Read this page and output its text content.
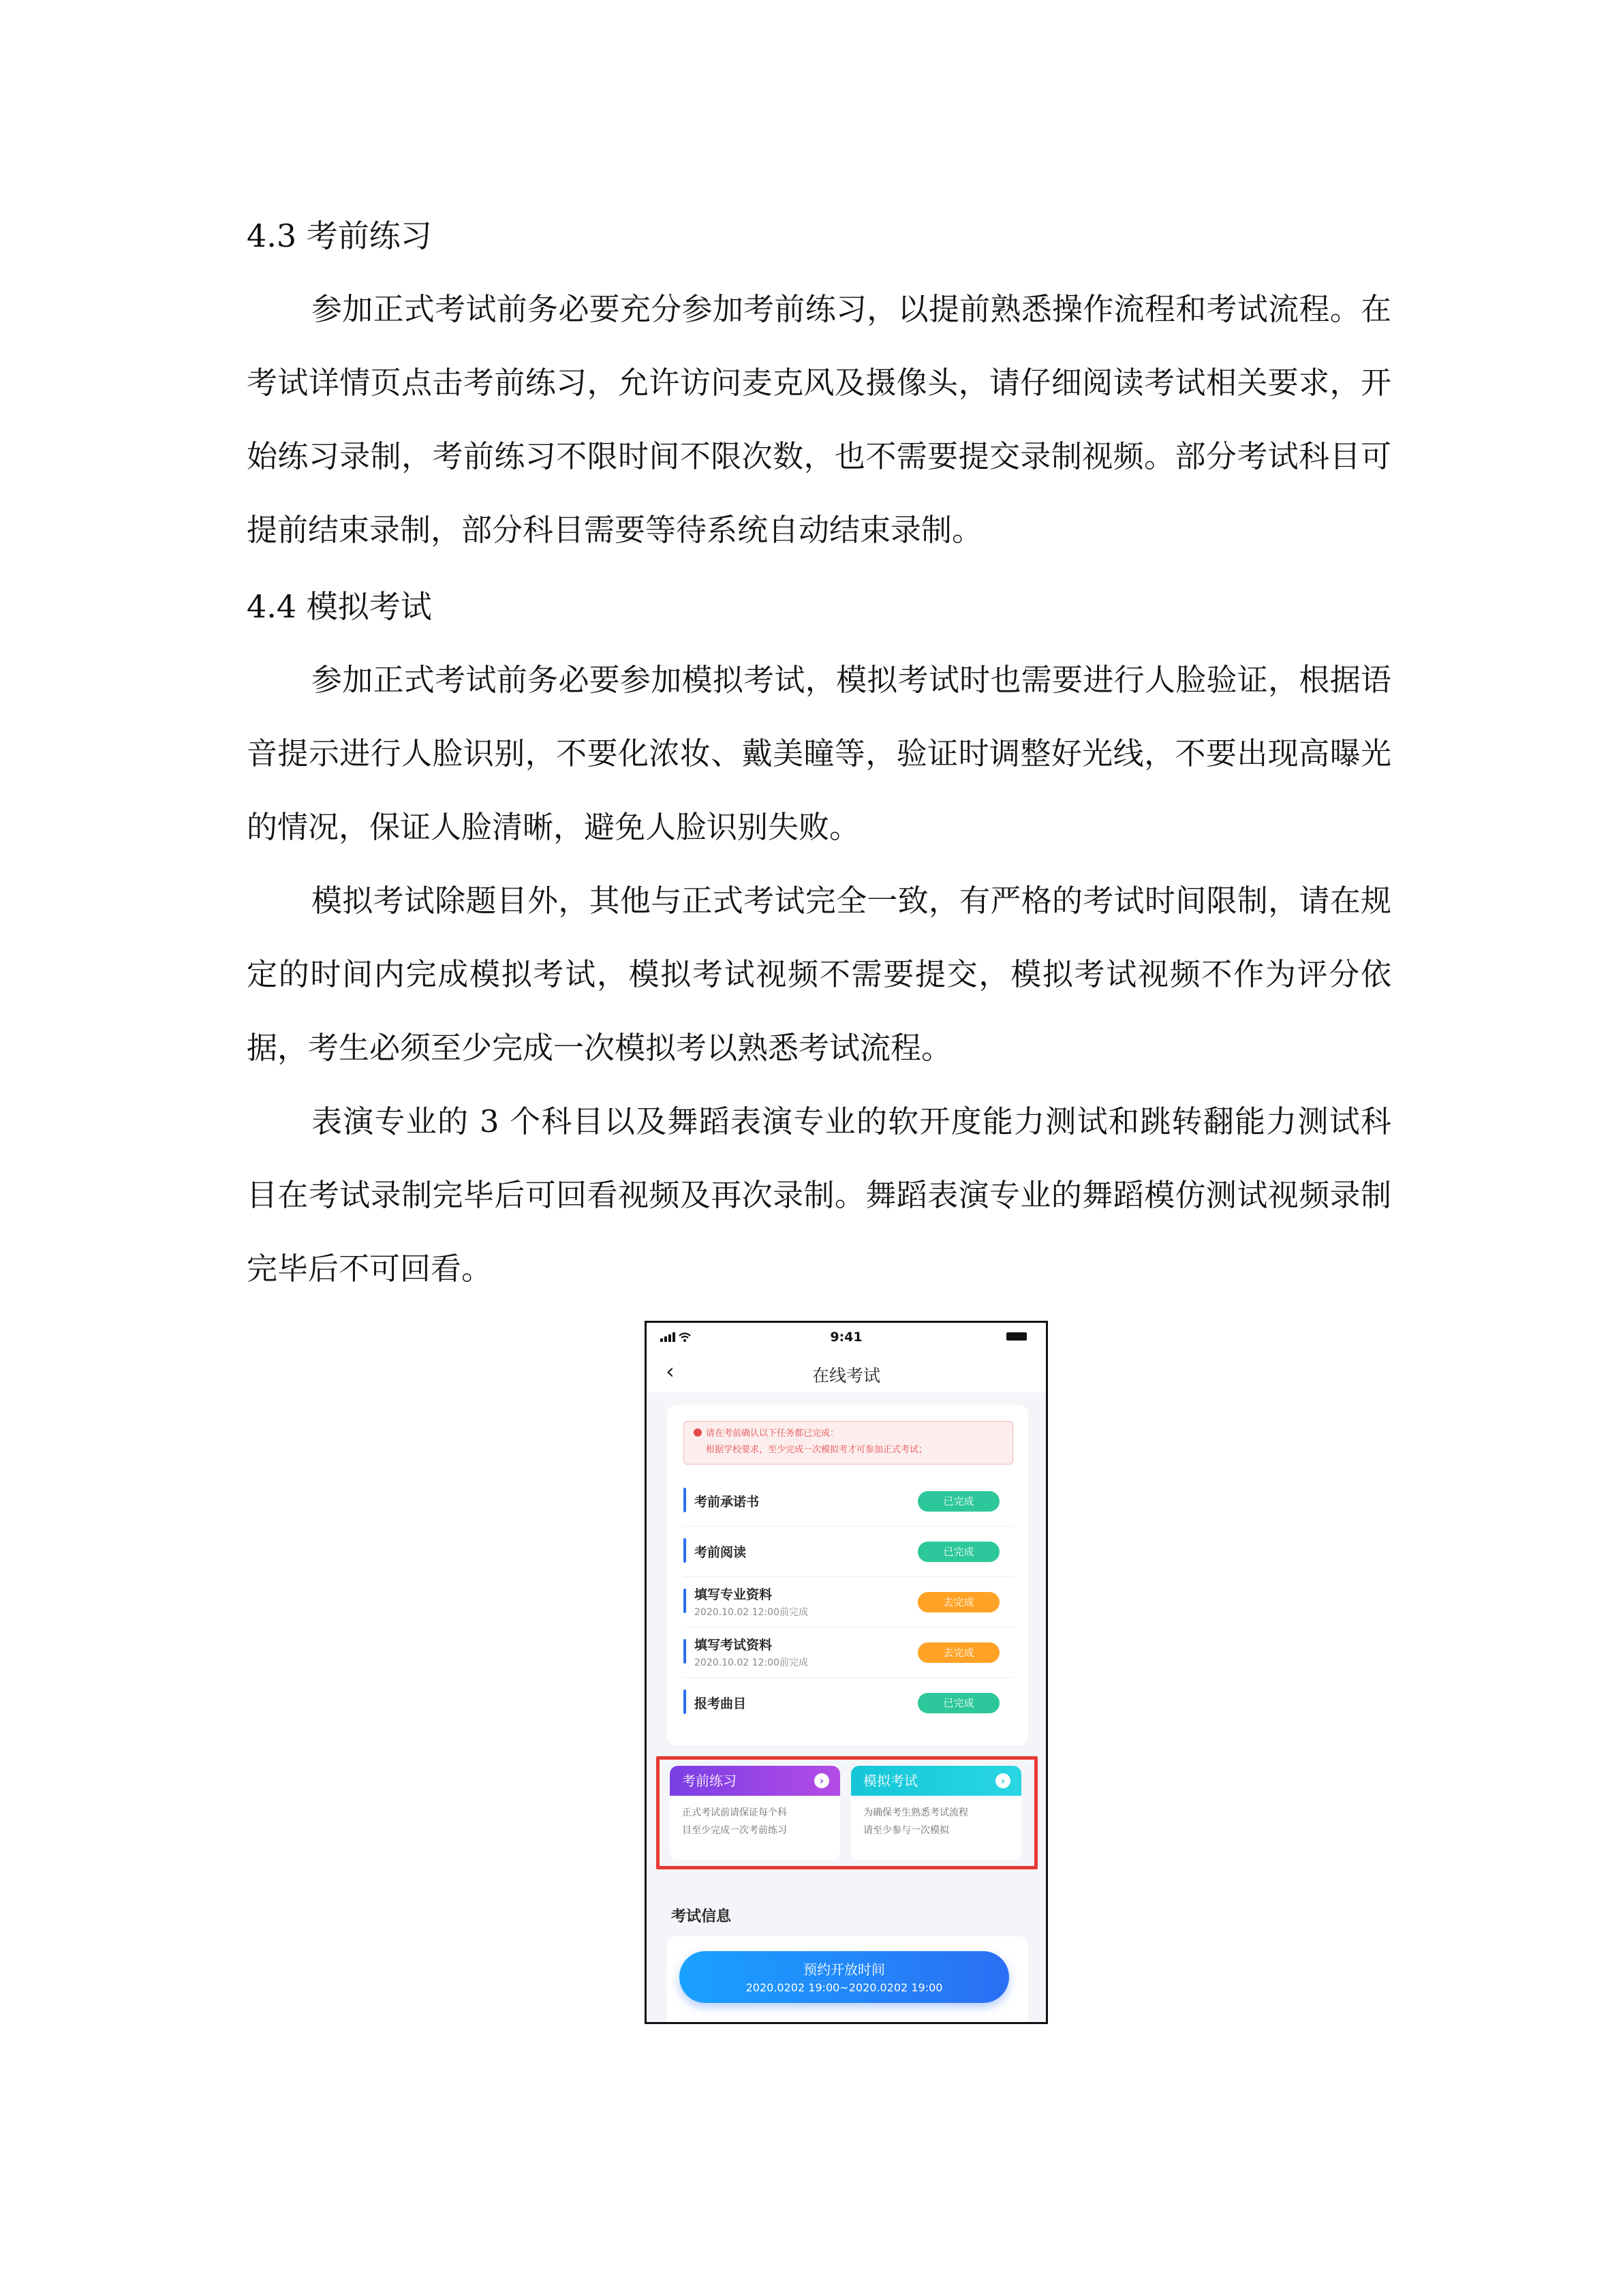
4.3 考前练习

参加正式考试前务必要充分参加考前练习，以提前熟悉操作流程和考试流程。在考试详情页点击考前练习，允许访问麦克风及摄像头，请仔细阅读考试相关要求，开始练习录制，考前练习不限时间不限次数，也不需要提交录制视频。部分考试科目可提前结束录制，部分科目需要等待系统自动结束录制。

4.4 模拟考试

参加正式考试前务必要参加模拟考试，模拟考试时也需要进行人脸验证，根据语音提示进行人脸识别，不要化浓妆、戴美瞳等，验证时调整好光线，不要出现高曝光的情况，保证人脸清晰，避免人脸识别失败。

模拟考试除题目外，其他与正式考试完全一致，有严格的考试时间限制，请在规定的时间内完成模拟考试，模拟考试视频不需要提交，模拟考试视频不作为评分依据，考生必须至少完成一次模拟考以熟悉考试流程。

表演专业的 3 个科目以及舞蹈表演专业的软开度能力测试和跳转翻能力测试科目在考试录制完毕后可回看视频及再次录制。舞蹈表演专业的舞蹈模仿测试视频录制完毕后不可回看。

9:41
‹	在线考试
请在考前确认以下任务都已完成：
根据学校要求，至少完成一次模拟考才可参加正式考试；
考前承诺书	已完成
考前阅读	已完成
填写专业资料
2020.10.02 12:00前完成
去完成
填写考试资料
2020.10.02 12:00前完成
去完成
报考曲目	已完成
考前练习	›
正式考试前请保证每个科
目至少完成一次考前练习
模拟考试	›
为确保考生熟悉考试流程
请至少参与一次模拟
考试信息
预约开放时间
2020.0202 19:00~2020.0202 19:00
